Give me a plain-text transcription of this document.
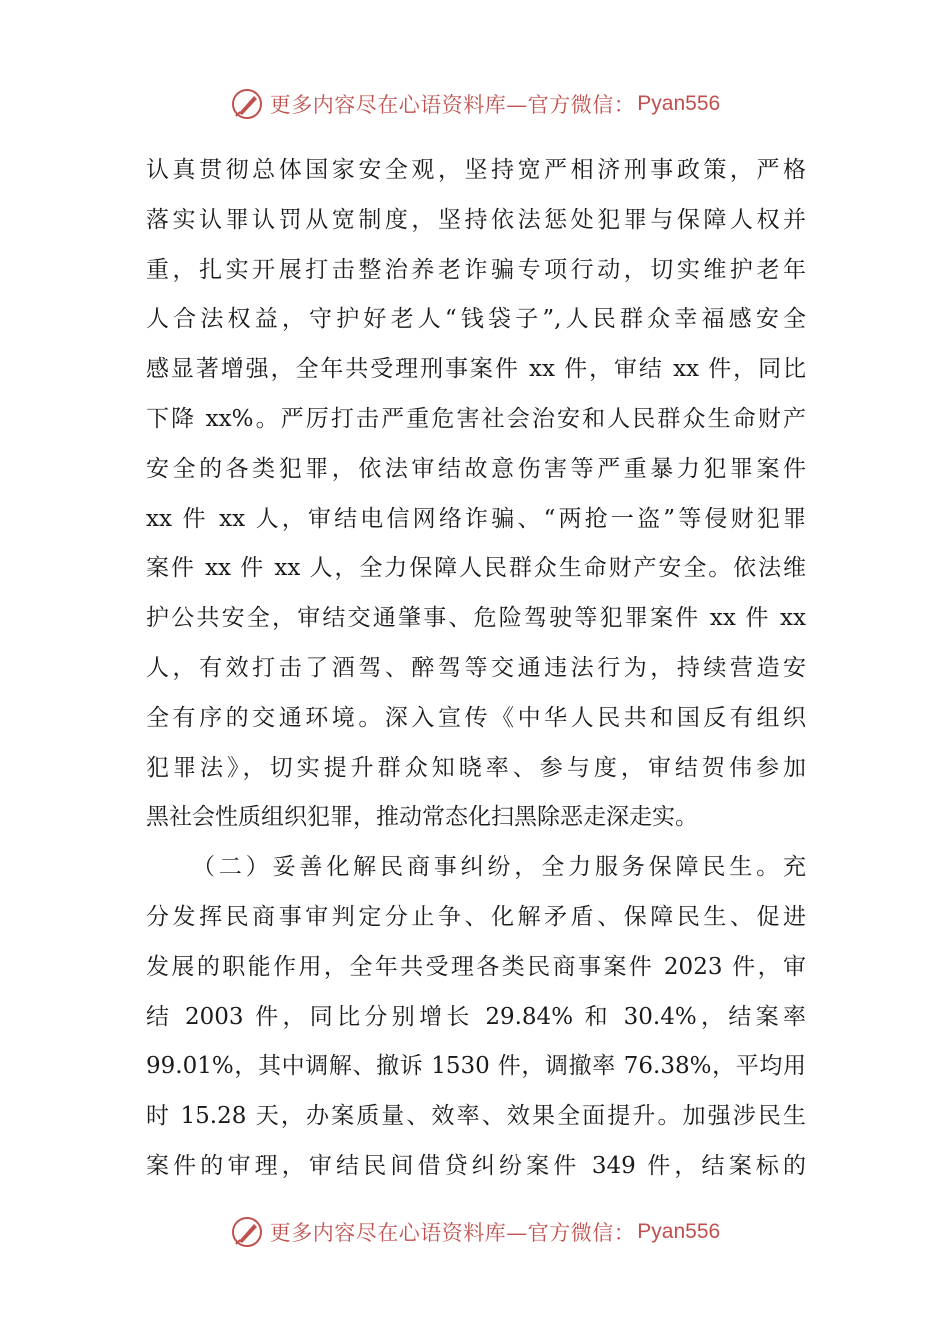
更多内容尽在心语资料库—官方微信： Pyan556
认真贯彻总体国家安全观，坚持宽严相济刑事政策，严格
落实认罪认罚从宽制度，坚持依法惩处犯罪与保障人权并
重，扎实开展打击整治养老诈骗专项行动，切实维护老年
人合法权益，守护好老人“钱袋子”,人民群众幸福感安全
感显著增强，全年共受理刑事案件 xx 件，审结 xx 件，同比
下降 xx%。严厉打击严重危害社会治安和人民群众生命财产
安全的各类犯罪，依法审结故意伤害等严重暴力犯罪案件
xx 件 xx 人，审结电信网络诈骗、“两抢一盗”等侵财犯罪
案件 xx 件 xx 人，全力保障人民群众生命财产安全。依法维
护公共安全，审结交通肇事、危险驾驶等犯罪案件 xx 件 xx
人，有效打击了酒驾、醉驾等交通违法行为，持续营造安
全有序的交通环境。深入宣传《中华人民共和国反有组织
犯罪法》，切实提升群众知晓率、参与度，审结贺伟参加
黑社会性质组织犯罪，推动常态化扫黑除恶走深走实。
（二）妥善化解民商事纠纷，全力服务保障民生。充
分发挥民商事审判定分止争、化解矛盾、保障民生、促进
发展的职能作用，全年共受理各类民商事案件 2023 件，审
结 2003 件，同比分别增长 29.84% 和 30.4%，结案率
99.01%，其中调解、撤诉 1530 件，调撤率 76.38%，平均用
时 15.28 天，办案质量、效率、效果全面提升。加强涉民生
案件的审理，审结民间借贷纠纷案件 349 件，结案标的
更多内容尽在心语资料库—官方微信： Pyan556
